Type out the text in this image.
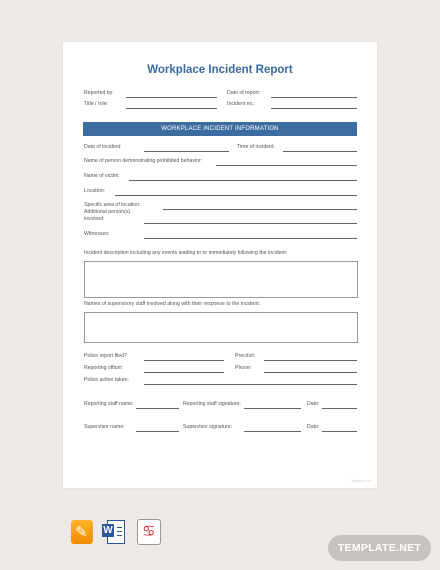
Workplace Incident Report
Reported by:	Date of report:
Title / role:	Incident no.:
WORKPLACE INCIDENT INFORMATION
Date of incident:	Time of incident:
Name of person demonstrating prohibited behavior:
Name of victim:
Location:
Specific area of location:
Additional person(s)
involved:
Witnesses:
Incident description including any events leading to or immediately following the incident:
Names of supervisory staff involved along with their response to the incident:
Police report filed?	Precinct:
Reporting officer:	Phone:
Police action taken:
Reporting staff name:	Reporting staff signature:	Date:
Supervisor name:	Supervisor signature:	Date:
Template.net
✎ W ♋
TEMPLATE.NET
